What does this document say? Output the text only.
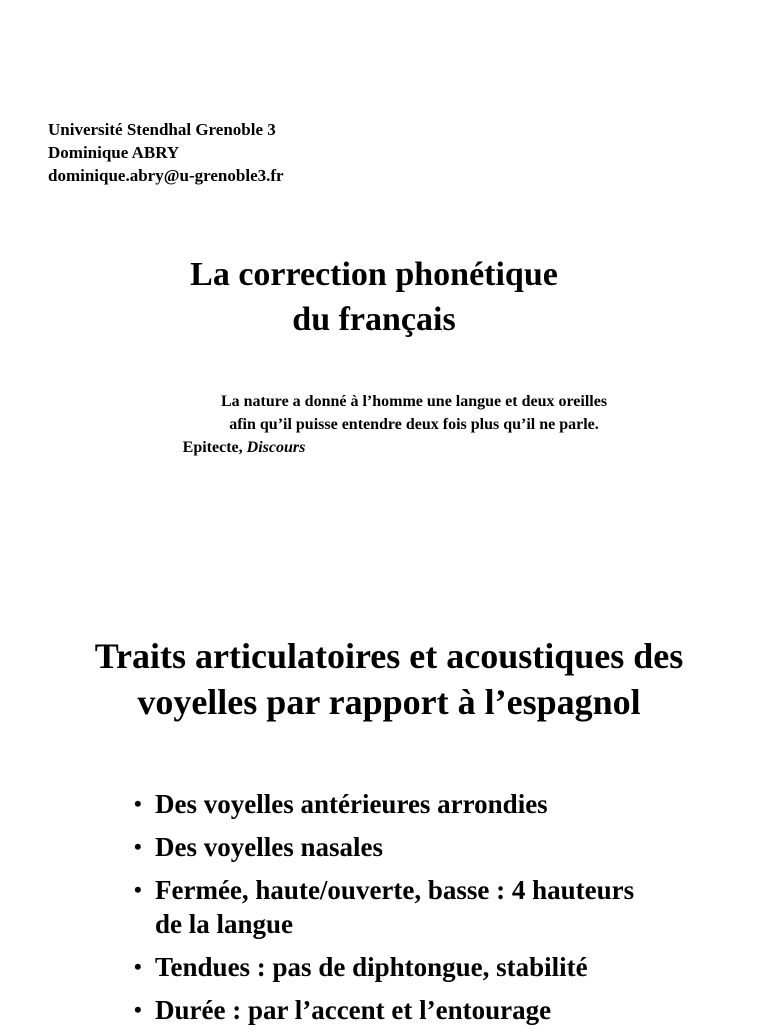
Université Stendhal Grenoble 3
Dominique ABRY
dominique.abry@u-grenoble3.fr
La correction phonétique
du français
La nature a donné à l’homme une langue et deux oreilles
afin qu’il puisse entendre deux fois plus qu’il ne parle.
Epitecte, Discours
Traits articulatoires et acoustiques des
voyelles par rapport à l’espagnol
• Des voyelles antérieures arrondies
• Des voyelles nasales
• Fermée, haute/ouverte, basse : 4 hauteurs
de la langue
• Tendues : pas de diphtongue, stabilité
• Durée : par l’accent et l’entourage
